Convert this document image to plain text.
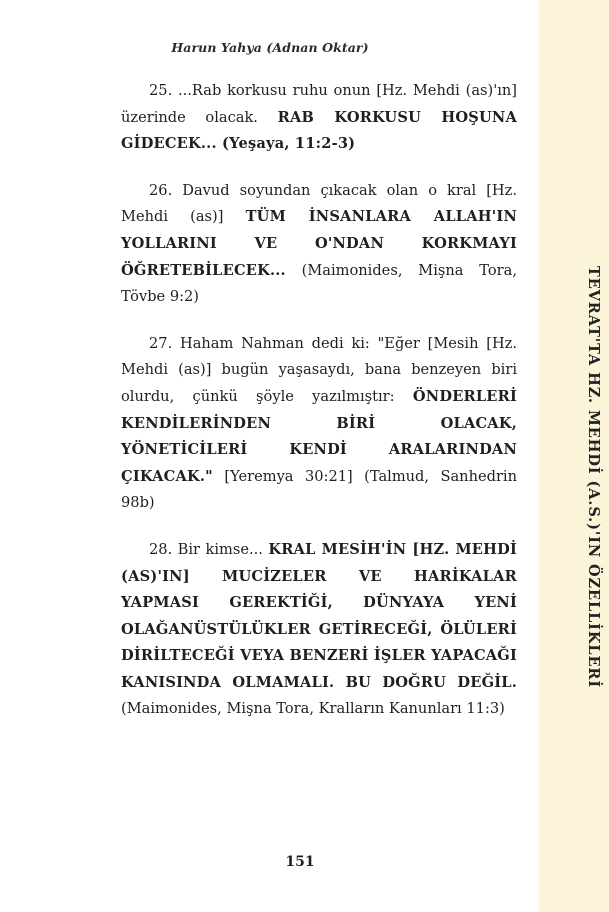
Harun Yahya (Adnan Oktar)

25. ...Rab korkusu ruhu onun [Hz. Mehdi (as)'ın] üzerinde olacak. RAB KORKUSU HOŞUNA GİDECEK... (Yeşaya, 11:2-3)

26. Davud soyundan çıkacak olan o kral [Hz. Mehdi (as)] TÜM İNSANLARA ALLAH'IN YOLLARINI VE O'NDAN KORKMAYI ÖĞRETEBİLECEK... (Maimonides, Mişna Tora, Tövbe 9:2)

27. Haham Nahman dedi ki: "Eğer [Mesih [Hz. Mehdi (as)] bugün yaşasaydı, bana benzeyen biri olurdu, çünkü şöyle yazılmıştır: ÖNDERLERİ KENDİLERİNDEN BİRİ OLACAK, YÖNETİCİLERİ KENDİ ARALARINDAN ÇIKACAK." [Yeremya 30:21] (Talmud, Sanhedrin 98b)

28. Bir kimse... KRAL MESİH'İN [HZ. MEHDİ (AS)'IN] MUCİZELER VE HARİKALAR YAPMASI GEREKTİĞİ, DÜNYAYA YENİ OLAĞANÜSTÜLÜKLER GETİRECEĞİ, ÖLÜLERİ DİRİLTECEĞİ VEYA BENZERİ İŞLER YAPACAĞI KANISINDA OLMAMALI. BU DOĞRU DEĞİL. (Maimonides, Mişna Tora, Kralların Kanunları 11:3)

151
TEVRAT'TA HZ. MEHDİ (A.S.)'IN ÖZELLİKLERİ
